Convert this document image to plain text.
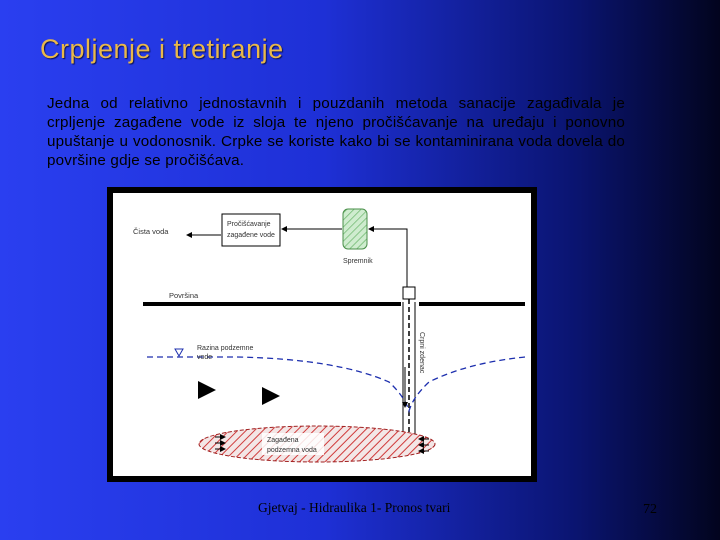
Crpljenje i tretiranje
Jedna od relativno jednostavnih i pouzdanih metoda sanacije zagađivala je crpljenje zagađene vode iz sloja te njeno pročišćavanje na uređaju i ponovno upuštanje u vodonosnik. Crpke se koriste kako bi se kontaminirana voda dovela do površine gdje se pročišćava.
Čista voda
Pročišćavanje
zagađene vode
Spremnik
Površina
Crpni zdenac
Razina podzemne
vode
Zagađena
podzemna voda
Gjetvaj - Hidraulika 1- Pronos tvari	72
